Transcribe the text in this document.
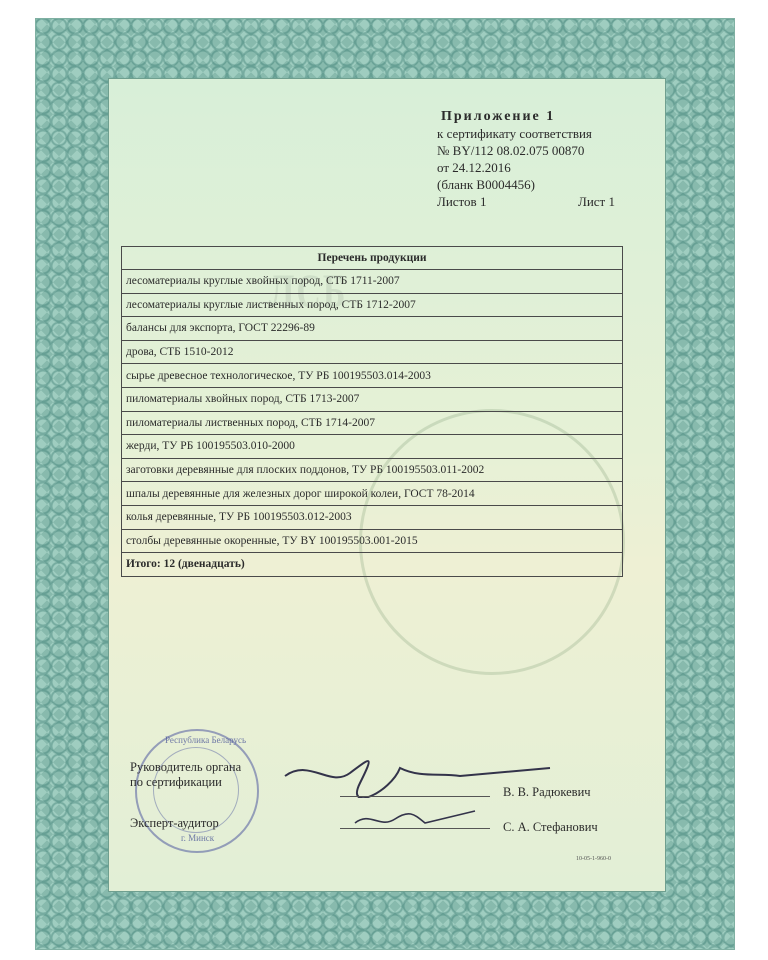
ЛСБ
Приложение 1
к сертификату соответствия
№ BY/112 08.02.075 00870
от 24.12.2016
(бланк В0004456)
Листов 1	Лист 1
Перечень продукции
лесоматериалы круглые хвойных пород, СТБ 1711-2007
лесоматериалы круглые лиственных пород, СТБ 1712-2007
балансы для экспорта, ГОСТ 22296-89
дрова, СТБ 1510-2012
сырье древесное технологическое, ТУ РБ 100195503.014-2003
пиломатериалы хвойных пород, СТБ 1713-2007
пиломатериалы лиственных пород, СТБ 1714-2007
жерди, ТУ РБ 100195503.010-2000
заготовки деревянные для плоских поддонов, ТУ РБ 100195503.011-2002
шпалы деревянные для железных дорог широкой колеи, ГОСТ 78-2014
колья деревянные, ТУ РБ 100195503.012-2003
столбы деревянные окоренные, ТУ BY 100195503.001-2015
Итого: 12 (двенадцать)
Республика Беларусь
г. Минск
Руководитель органа
по сертификации
Эксперт-аудитор
В. В. Радюкевич
С. А. Стефанович
10-05-1-960-0
